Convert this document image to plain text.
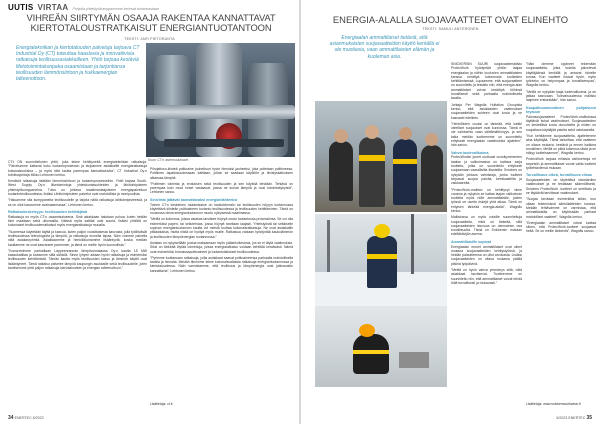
UUTIS VIRTAA Pohjoila yhteistyökumppanimme kertovat toiminnastaan
VIHREÄN SIIRTYMÄN OSAAJA RAKENTAA KANNATTAVAT KIERTOTALOUSTRATKAISUT ENERGIANTUOTANTOON
TEKSTI: JARI PIETORANTA
Energiatekniikan ja kiertotalouden palveluja tarjoava CT Industrial Oy (CT) toteuttaa haastavia ja innovatiivisia ratkaisuja teollisuusasiakkailleen. Yhtiö tarjoaa kestäviä lifetotoimintakonpaka osaamistaan ja tarjontiansa teollisuuden lämmönsiirtoon ja hukkaenergian talteenottoon.
Kuva: CT:n asennuskaluste.

CT:t ON suunnitellunen yhtiö, joka tekee kehittyneitä energiatekniikan ratkaisuja. "Palvelumme kattavat koko tuotantoprosessin ja tarjoamme asiakkaille energiaratkaisuja kokonaisuuksina – ja myös tätä kautta parempaa kannattavuutta", CT Industrial Oy:n toimitusjohtaja Mikko Lehtonen kertoo.

Kestäviä ratkaisuja lisätään lämmönsiirtoon ja tuotantoprosesseihin. Yhtiö kaipaa South-West Supply Oy:n liiketoimintoja yhteiskuntasuhteiden ja lähitoimipisteen yhteistyökumppaneina. Tulos on johtava maailmanlaajuiseen energiapalveluun tuotantoteollisuudessa, lisäksi Lähitoimipisteen palvelut ovat mahdollisia ja monipuolisia.

"Haluamme olla kumppaneita teollisuudelle ja tarjota näitä ratkaisuja lähitoimipisteessä, ja se on ollut kasvumme avainasemassa", Lehtonen kertoo.

Ratkaisukeskeisyys: teollisuuden kehittäjänä

Ratkaisuja on myös CT:n osaamisalueena. Sinä asiakkaan halutaan puhua, kuten heidän tiimi maaltaan sekä ulkomailta. Näissä myös kattilat ovat suuria, lisäksi yhtiöllä on kokonaiset teollisuudenratkaisut myös energiaratkaisuja muualla.

"Suomessa käytetään täyttä ja kasvua, kuten paljon vuosittaisesta kasvusta, jolla työllistävät teollisuudessa teknologioita ja lämpöä, ja ratkaisuja monella tapaa. Näin voimme palvella niitä asiakasryhmiä. Asiakkaamme ja henkilökuntamme lisääntyvät, koska meidän kauttamme ne ovat kasvaneet paremmin, ja tämä on meille hyvin luonnollista."

"Konsertoimme parhaillaan Lappeenrannan lämpövoimalassa Oy:n kautta 15 MW kaasukattilaa ja tuotamme siitä sähköä. Sinne lyhyen aikaan hyvin ratkaisuja ja esimerkiksi teollisuuden kehittämistä. Tämän kautta myös teollisuuden kasvu ja lämmön käyttö ovat lisääntyneet. Tämä ratkaisu palvelee lämpöä kaupungin asukkaille sekä teollisuudelle, joten tarvitsemme yhtä paljon ratkaisuja kiertotalouteen ja energian talteenottoon."

Pilrojaltoso-kiinteä polttoaine jouhettuun hyvin hienoksi jauheeksi, joka poltetaan polttimessa. Polttimen tapaltusuudessaan kattilaan, jolloin se saadaan käyttöön ja tiivistyskatkoksen alkaessa lämpöä.

"Polttimen toiminta ja erotuksen sekä teollisuuden ja sen käyttöä tehdään. Tehtävä on parempaa kuin muut toiset vastaavat, joissa ne luovat lämpöä ja ovat toimintakykyisiä", Lehtonen sanoo.

Sinivirtat jättävät kannattavaksi energianlähteeksi

Toinen CT:n keskeinen osaamisalue on kaukolämmön tai teollisuuden höyryn tuotannossa käytettävä kiinteän polttoaineen tuotanto teollisuudessa ja teollisuuden kehittäminen. Tämä on nousussa oleva energiantuotannon muoto nykyisessä maailmassa.

"Meillä on kokemus, joissa asiakas tarvitsee höyryä oman tuotantonsa prosessiinsa. Se voi olla esimerkiksi paperi- tai sellutehdas, jossa höyryä tarvitaan laajasti. Yhteistyöstä tai sellaiselle sopivan energiantuotannon kautta voi meistä tuottaa kokonaisratkaisuja. Ne ovat asiakkaille pitkäaikaisia, mutta niistä on hyötyä myös muille. Ratkaisua voidaan hyödyntää kaukolämmön ja teollisuuden lämpöenergian tuotannossa."

Asiakas on nykyisellään joutua maksamaan myös päästöoikeuksia, jos se ei täytä vaatimuksia. Siksi on tärkeää löytää toimintoja, joissa energiaratkaisu voidaan kehittää kestävästi. Nämä ovat esimerkiksi biomassapolttoaineet ja tuotantolaitokset teollisuudessa.

"Pyrimme tuottamaan ratkaisuja, joilla asiakkaat saavat polttoaineensa parhaalla mahdollisella tavalla ja hinnalla. Meidän tiimimme tekee kokonaisvaltaisia ratkaisuja energiantuotannossa ja kiertotaloudessa. Näin varmistamme, että teollisuus ja lämpöenergia ovat jatkossakin kannattavia", Lehtonen kertoo.

Lisätietoja: ct.fi

34 ENERTEC 5/2023
ENERGIA-ALALLA SUOJAVAATTEET OVAT ELINEHTO
TEKSTI: SAMULI ANTERONEN
Energiaalan ammattilaiset tietävät, että asianmukaisten suojavaatteiden käyttö kentällä ei ole muotiasia, vaan ammattilaisten elämän ja kuoleman asia.

SNICKERSIN SUURI suojavaatemallisto ProtecWork hyödyntää yhtiön laajaa energiaalan ja näihin kuuluvien ammattilaisten kanssa kerättyä kokemusta tuotteiden kehittämisessä. Lupaamme, että suojavaatteet on suunniteltu ja testattu niin, että energia-alan ammattilaiset voivat keskittyä töihinsä turvallisesti sekä parhaalla mahdollisella tavalla.

Johtaja Per Wagnås Hultafors Groupista kertoo, että asiakkaiden vaatimukset suojavaatteiden suhteen ovat kovia ja ne kasvavat edelleen.

"Henkilöiden vuoksi on tärkeää, että kaikki oleelliset suojaukset ovat kunnossa. Tämä ei ole vaihtoehto vaan välttämättömyys, ja sen takia meidän tuotteemme on suunniteltu erityisesti energiaalan vaatimuksia ajatellen", hän sanoo.

Vahva tuotevalikoima

ProtecWorkin juuret ulottuvat vuosikymmenten taakse ja valikoimassa on kattava sarja tuotteita, jotka on suunniteltu erityisesti suojaamaan vaarallisilta tilanteilta. Snickers on nykyään johtava valmistaja, jonka tuotteet tarjoavat suojaa palolta, kemikaaleilta ja valokaarelta.

"ProtecWork-mallisto on kehittynyt viime vuosina ja nykyisin se kattaa laajan valikoiman tuotteita myös niille ammattilaisille, joiden työssä on useita riskejä yhtä aikaa. Tämä on erityisen tärkeää energia-alalla", Wagnås kertoo.

Mallistossa on myös naisille suunniteltuja suojavaatteita, mikä on tärkeää, sillä suojavaatteiden istuvuus on olennainen osa turvallisuutta. Tämä on Snickersin mukaan edelläkävijän asema.

Ammattilaisille sopivat

Energiaalan monet ammattilaiset ovat olleet mukana suojavaatteiden kehitystyössä, ja heidän palautteensa on ollut arvokasta. Lisäksi suojavaatteiden on oltava mukavia päällä pitkinä työpäivinä.

"Meillä on hyvin vahva ymmärrys siitä, mitä asiakkaat tarvitsevat. Tuotteemme on suunniteltu niin, että ammattilaiset voivat tehdä töitä turvallisesti ja mukavasti."

"Näin olemme oppineet tekemään suojavaatteita, jotka todella palvelevat käyttäjäänsä kentällä ja antavat hänelle turvaa. Kun vaatteet istuvat hyvin, myös työnteko on helpompaa ja turvallisempaa", Wagnås kertoo.

"Meillä on nykyään laaja tuotevalikoima, ja se jatkaa kasvuaan. Tulevaisuudessa mallisto laajenee entisestään", hän sanoo.

Kaupalkuunmuutinen pohjaisuun teyauun

Palonsuojavaatteet ProtecWork-mallistossa täyttävät tiukat vaatimukset. Suojavaatteiden on kestettävä kovia olosuhteita ja niiden on suojattava käyttäjää palolta sekä valokaarelta.

"Kun kehitämme suojavaatteita, ajattelemme aina käyttäjää. Tämä tarkoittaa, että vaatteen on oltava mukava, kestävä ja ennen kaikkea turvallinen. Meillä on pitkä kokemus tästä ja se näkyy tuotteissamme", Wagnås kertoo.

ProtecWork tarjoaa erilaisia vaihtoehtoja eri tarpeisiin ja ammattilaiset voivat valita tuotteet työtehtäviensä mukaan.

Turvallisuus oikea, turvallisuus viisas

Suojavaatteiden on täytettävä standardien vaatimukset ja ne testataan säännöllisesti. Snickers ProtecWork -tuotteet on sertifioitu ja ne täyttävät tarvittavat vaatimukset.

"Suojaa tarvitaan esimerkiksi silloin, kun ollaan tekemisissä sähkölaitteiden kanssa. Meidän tehtävämme on varmistaa, että ammattilaisilla on käytössään parhaat mahdolliset vaatteet", Wagnås kertoo.

"Energiaalan ammattilaiset voivat luottaa siihen, että ProtecWork-tuotteet suojaavat heitä. Se on meille tärkeintä", Wagnås sanoo.

Lisätietoja: www.snickersworkwear.fi

5/2023 ENERTEC 35
